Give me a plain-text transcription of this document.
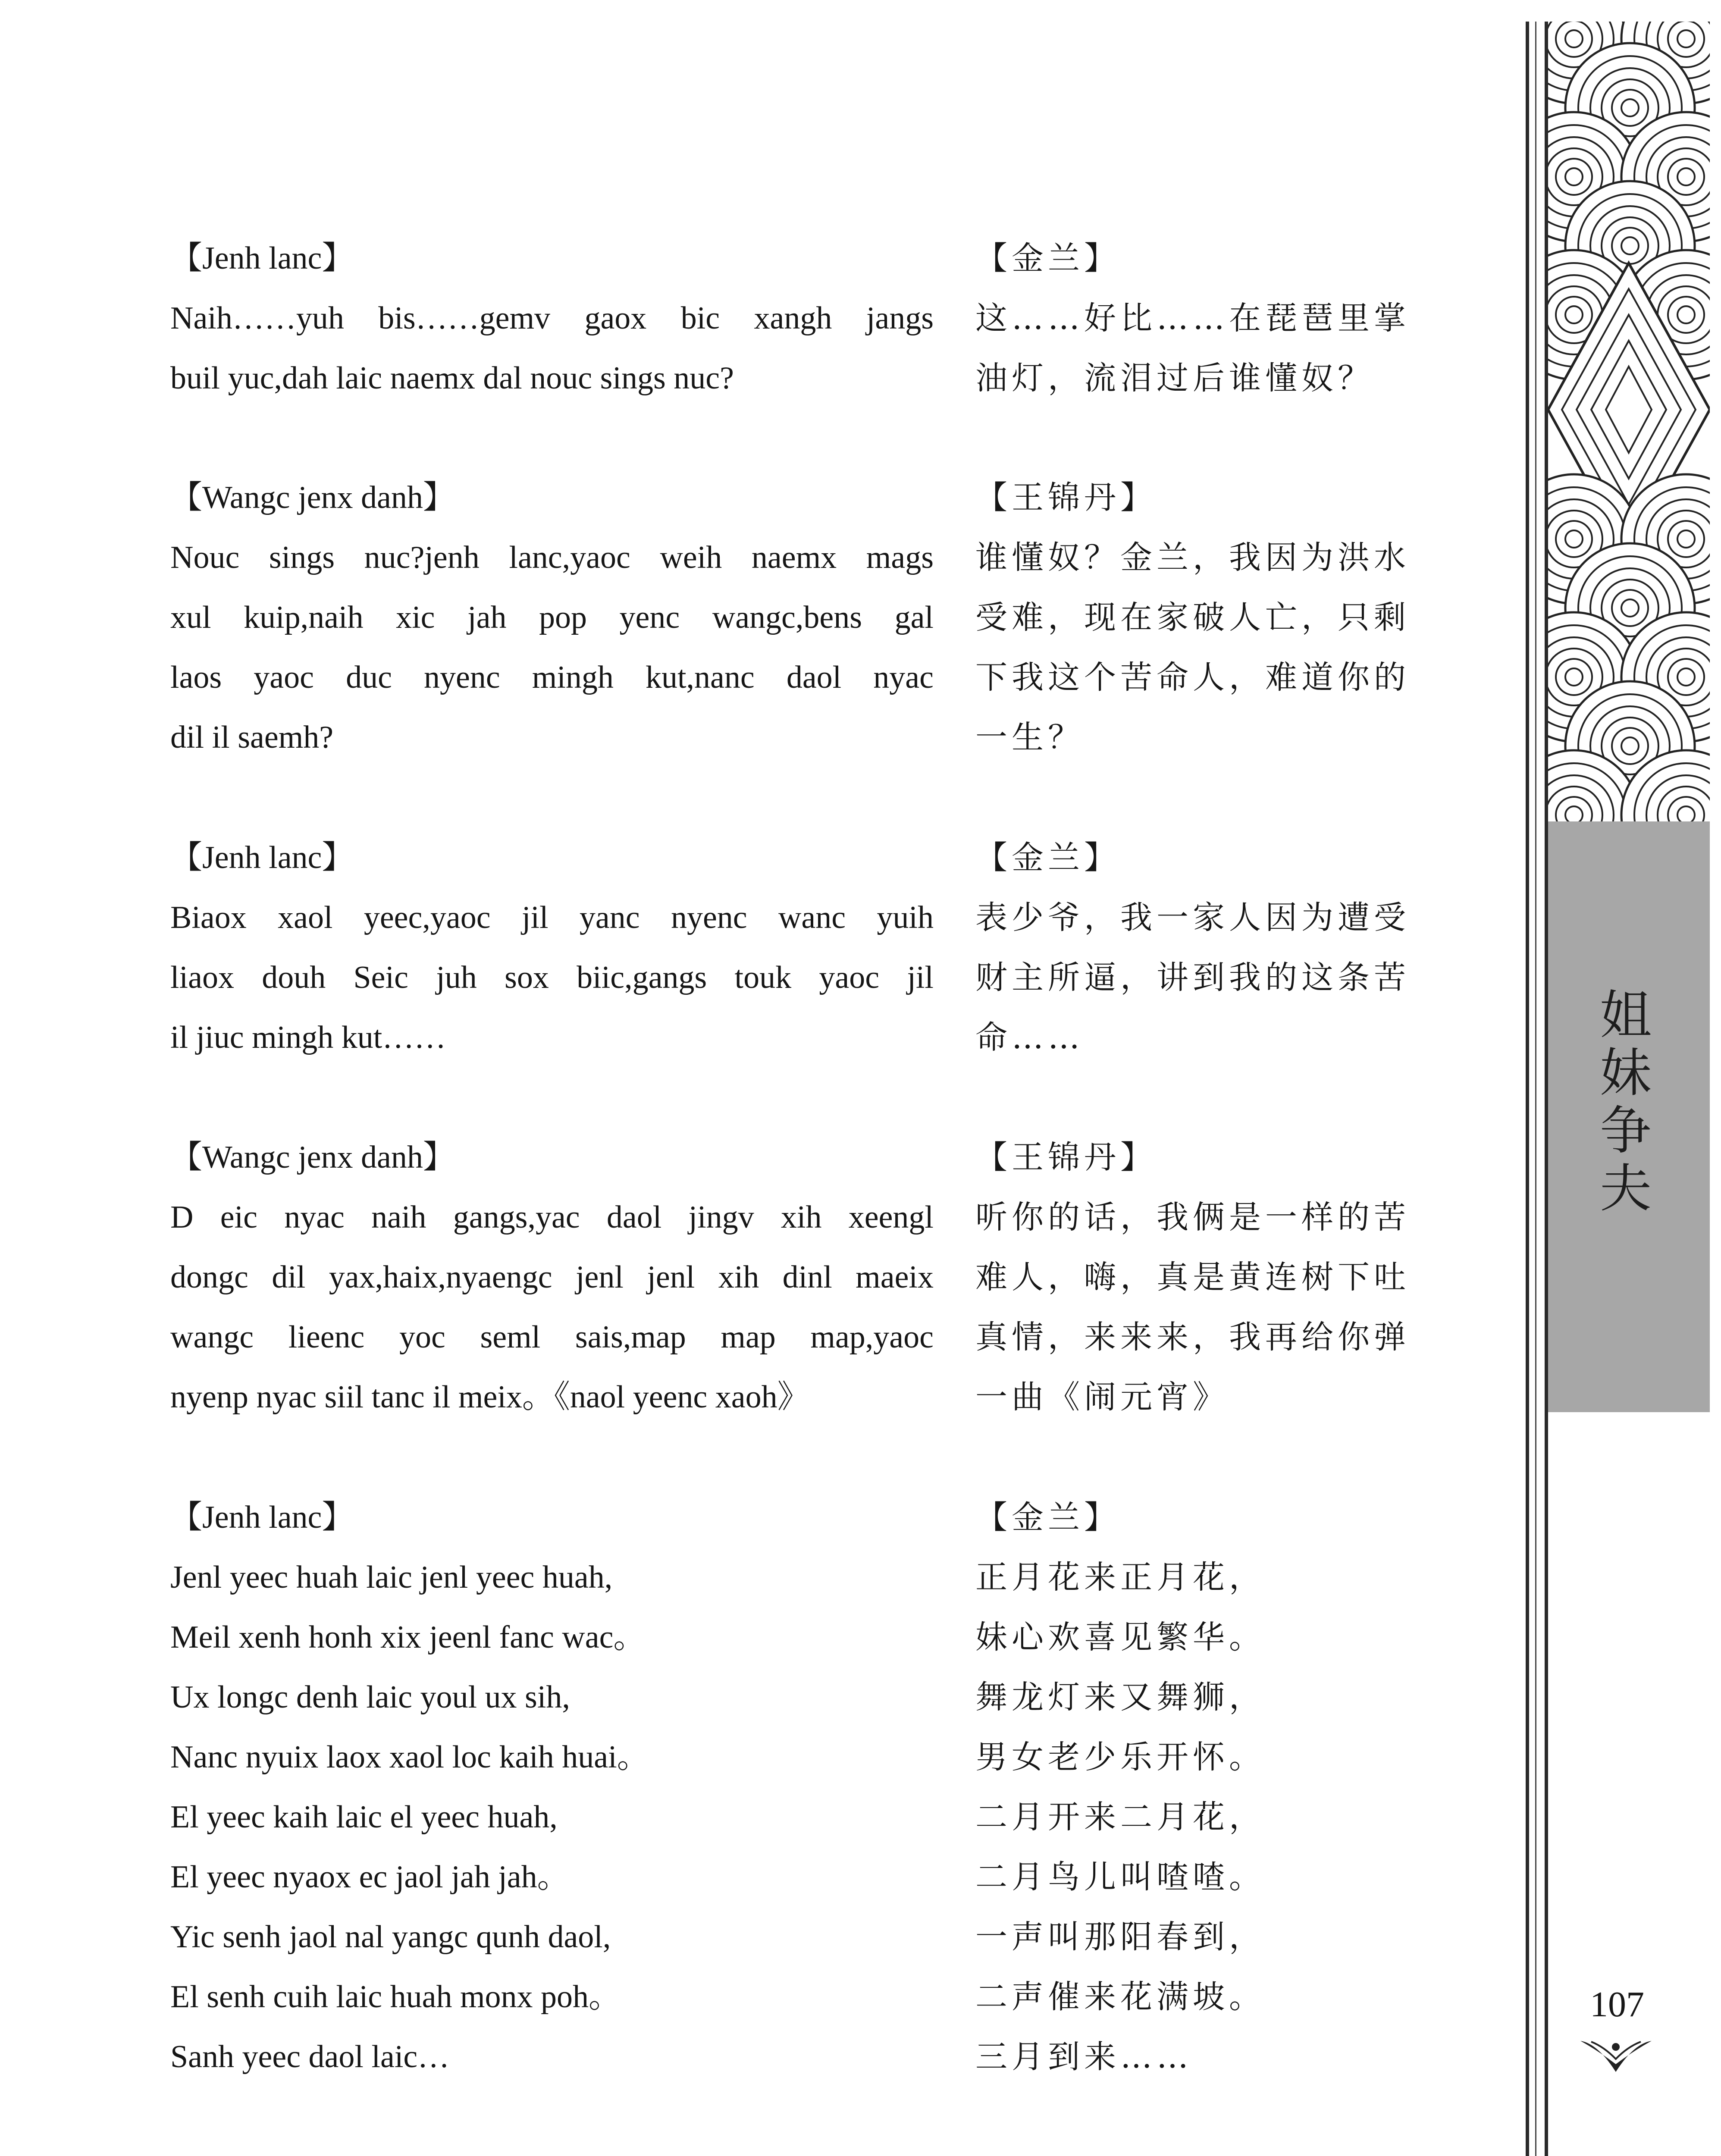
【Jenh lanc】
Naih……yuh bis……gemv gaox bic xangh jangs
buil yuc,dah laic naemx dal nouc sings nuc?
【Wangc jenx danh】
Nouc sings nuc?jenh lanc,yaoc weih naemx mags
xul kuip,naih xic jah pop yenc wangc,bens gal
laos yaoc duc nyenc mingh kut,nanc daol nyac
dil il saemh?
【Jenh lanc】
Biaox xaol yeec,yaoc jil yanc nyenc wanc yuih
liaox douh Seic juh sox biic,gangs touk yaoc jil
il jiuc mingh kut……
【Wangc jenx danh】
D eic nyac naih gangs,yac daol jingv xih xeengl
dongc dil yax,haix,nyaengc jenl jenl xih dinl maeix
wangc lieenc yoc seml sais,map map map,yaoc
nyenp nyac siil tanc il meix。《naol yeenc xaoh》
【Jenh lanc】
Jenl yeec huah laic jenl yeec huah,
Meil xenh honh xix jeenl fanc wac。
Ux longc denh laic youl ux sih,
Nanc nyuix laox xaol loc kaih huai。
El yeec kaih laic el yeec huah,
El yeec nyaox ec jaol jah jah。
Yic senh jaol nal yangc qunh daol,
El senh cuih laic huah monx poh。
Sanh yeec daol laic…
【金兰】
这……好比……在琵琶里掌
油灯，流泪过后谁懂奴？
【王锦丹】
谁懂奴？金兰，我因为洪水
受难，现在家破人亡，只剩
下我这个苦命人，难道你的
一生？
【金兰】
表少爷，我一家人因为遭受
财主所逼，讲到我的这条苦
命……
【王锦丹】
听你的话，我俩是一样的苦
难人，嗨，真是黄连树下吐
真情，来来来，我再给你弹
一曲《闹元宵》
【金兰】
正月花来正月花，
妹心欢喜见繁华。
舞龙灯来又舞狮，
男女老少乐开怀。
二月开来二月花，
二月鸟儿叫喳喳。
一声叫那阳春到，
二声催来花满坡。
三月到来……
姐妹争夫
107
